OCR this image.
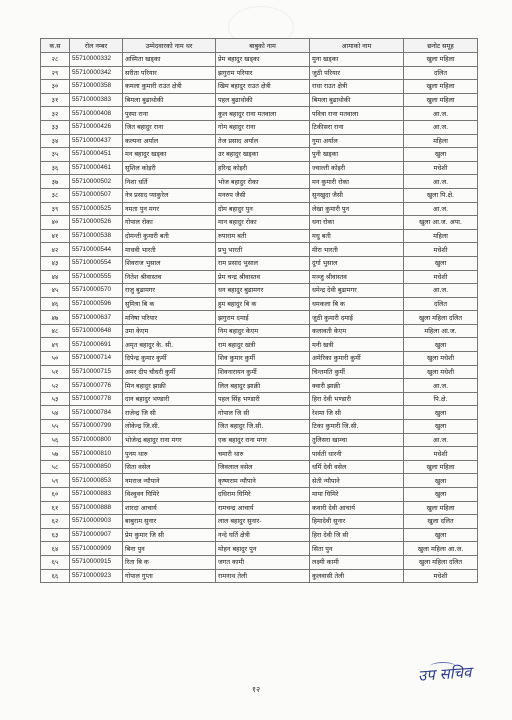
क.स	रोल नम्बर	उम्मेदवारको नाम थर	बाबुको नाम	आमाको नाम	छनोट समूह
२८	55710000332	अस्मिता खड्का	प्रेम बहादुर खड्का	मुना खड्का	खुला महिला
२९	55710000342	सरीता परियार	झगुराम परियार	जुठी परियार	दलित
३०	55710000358	कमला कुमारी राउत क्षेत्री	खिम बहादुर राउत क्षेत्री	राधा राउत क्षेत्री	खुला महिला
३१	55710000383	बिमला बुढाथोकी	पहल बुढाथोकी	बिमला बुढाथोकी	खुला महिला
३२	55710000408	पुस्पा राना	कुल बहादुर राना मतवाला	पवित्रा राना मतवाला	आ.ज.
३३	55710000426	जित बहादुर राना	गोम बहादुर राना	टिकीसरा राना	आ.ज.
३४	55710000437	कल्पना अर्याल	तेज प्रसाद अर्याल	गुमा अर्याल	महिला
३५	55710000451	मन बहादुर खड्का	उर बहादुर खड्का	पुनी खड्का	खुला
३६	55710000461	सुशिल कोइरी	हरिन्द्र कोइरी	ज्वाल्ती कोइरी	मधेशी
३७	55710000502	निशा धर्ति	भोज बहादुर रोका	मन कुमारी रोका	आ.ज.
३८	55710000507	नेत्र प्रसाद प्याकुरेल	मनरुप जैसी	सुनखुदा जैसी	खुला पि.क्षे.
३९	55710000525	नमता पुन मगर	दोम बहादुर पुन	लेखा कुमारी पुन	आ.ज.
४०	55710000526	गोपाल रोका	मान बहादुर रोका	धना रोका	खुला आ.ज. अपा.
४१	55710000538	दोमन्ती कुमारी बती	रुपाराम बती	मधु बती	महिला
४२	55710000544	माधवी भारती	प्रभु भारती	मीरा भारती	मधेशी
४३	55710000554	शिवराज भुसाल	राम प्रसाद भुसाल	दुर्गा भुसाल	खुला
४४	55710000555	नितेश श्रीवास्तव	प्रेम चन्द्र श्रीवास्तव	मञ्जु श्रीवास्तव	मधेशी
४५	55710000570	राजु बुढामगर	धन बहादुर बुढामगर	धमेन्द्र देवी बुढामगर	आ.ज.
४६	55710000596	सुमित्रा बि क	हुम बहादुर बि क	धमकला बि क	दलित
४७	55710000637	मनिषा परियार	झगुराम दमाई	जुठी कुमारी दमाई	खुला महिला दलित
४८	55710000648	उमा केएम	निम बहादुर केएम	कलावती केएम	महिला आ.ज.
४९	55710000691	अमृत बहादुर के. सी.	राम बहादुर खत्री	मनी खत्री	खुला
५०	55710000714	दिपेन्द्र कुमार कुर्मी	शिव कुमार कुर्मी	अमेरिका कुमारी कुर्मी	खुला मधेशी
५१	55710000715	अमर दीप चौधरी कुर्मी	शिवनारायन कुर्मी	चिन्तमति कुर्मी	खुला मधेशी
५२	55710000776	मिन बहादुर झाक्री	लिल बहादुर झाक्री	क्वारी झाक्री	आ.ज.
५३	55710000778	दान बहादुर भण्डारी	पहल सिंह भण्डारी	हिरा देवी भण्डारी	पि.क्षे.
५४	55710000784	राजेन्द्र जि सी	गोपाल जि सी	रेशमा जि सी	खुला
५५	55710000799	लोकेन्द्र जि.सी.	जित बहादुर जि.सी.	टिका कुमारी जि.सी.	खुला
५६	55710000800	भोजेन्द्र बहादुर राना मगर	एक बहादुर राना मगर	तुलिसरा खाम्चा	आ.ज.
५७	55710000810	पुनम थारु	चमारी थारु	पार्वती धारनी	मधेशी
५८	55710000850	सिता वसेल	जिवलाल वसेल	धर्मि देवी वसेल	खुला महिला
५९	55710000853	नमराज न्यौपाने	कृष्णराम न्यौपाने	सेती न्यौपाने	खुला
६०	55710000883	विश्वुवन घिमिरे	दधिराम घिमिरे	माया घिमिरे	खुला
६१	55710000888	शारदा आचार्य	रामचन्द्र आचार्य	कवारी देवी आचार्य	खुला महिला
६२	55710000903	बाबुराम सुनार	लाल बहादुर सुनार-	हिमादेवी सुनार	खुला दलित
६३	55710000907	प्रेम कुमार जि सी	नन्दे घर्ति क्षेत्री	हिरा देवी जि सी	खुला
६४	55710000909	बिना पुन	मोहन बहादुर पुन	सिता पुन	खुला महिला आ.ज.
६५	55710000915	रिता बि क	जगत कामी	लक्ष्मी कामी	खुला महिला दलित
६६	55710000923	गोपाल गुप्ता	रामनाथ तेली	कुलवासी तेली	मधेशी
उप सचिव
१२
